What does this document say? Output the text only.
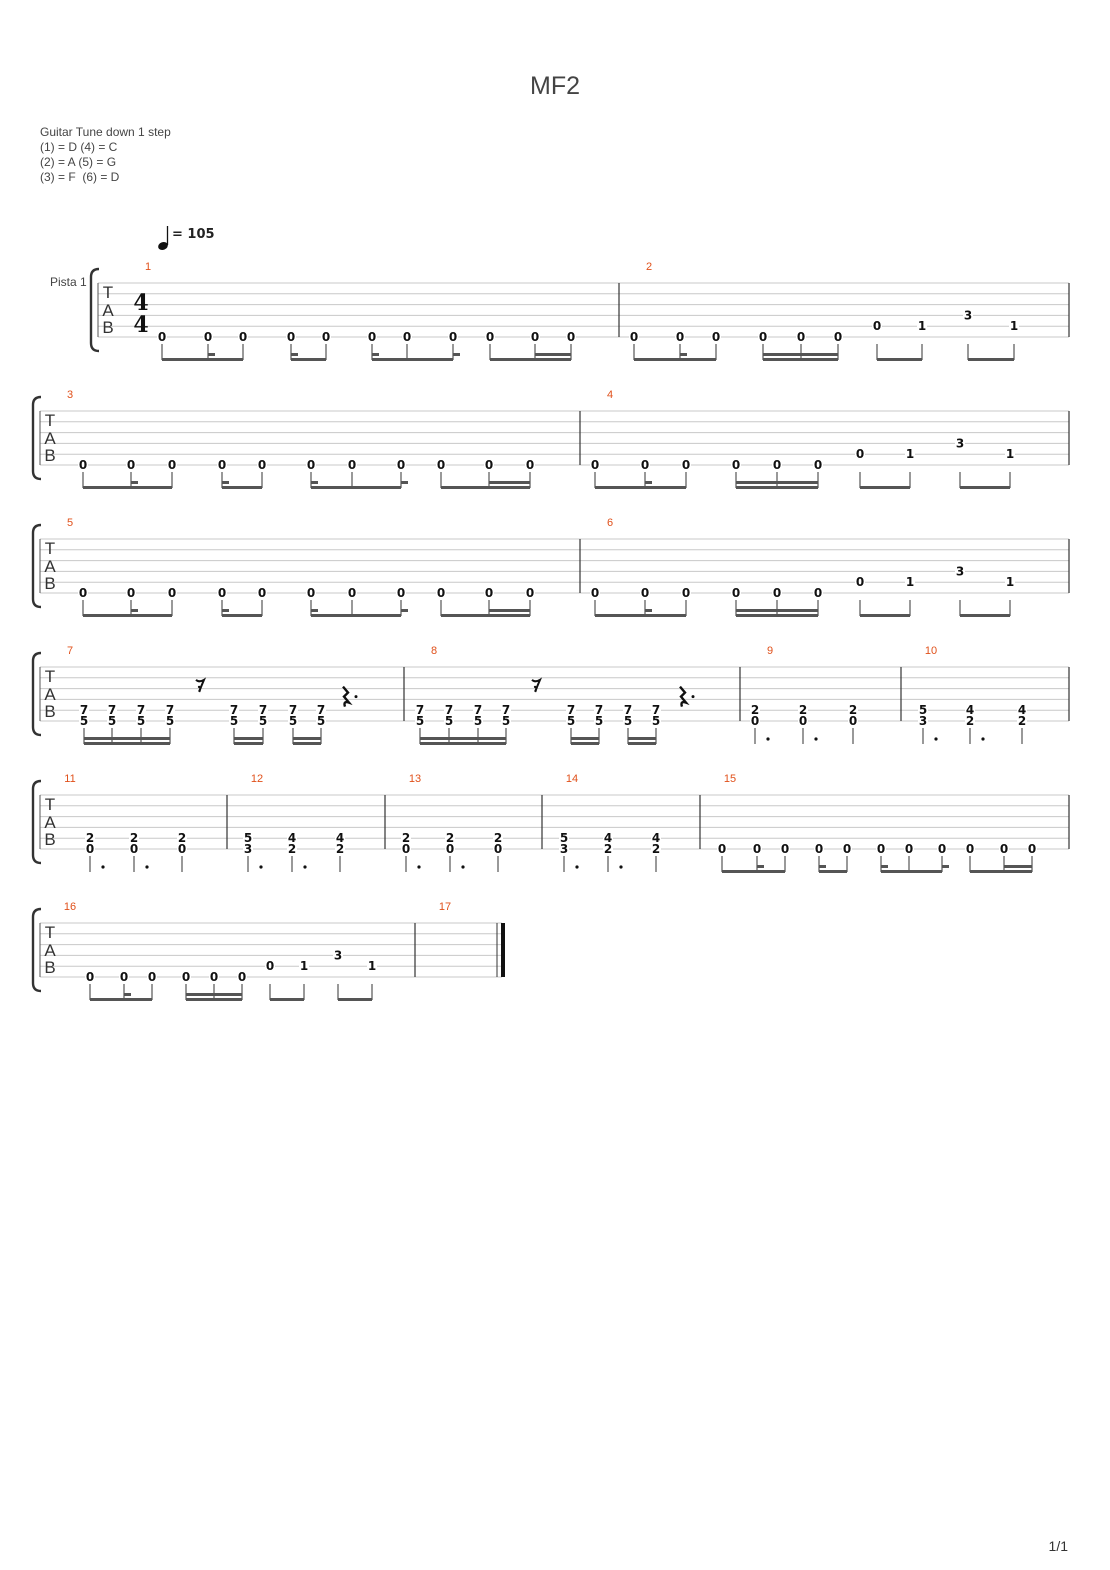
MF2
Guitar Tune down 1 step
(1) = D (4) = C
(2) = A (5) = G
(3) = F  (6) = D
= 105
T
A
B
Pista 1
4
4
1
0	0 0	0 0	0 0	0 0	0 0
2
0	0 0	0 0 0
0	1
3
1
T
A
B
3
0	0	0	0	0	0	0	0	0	0	0
4
0	0	0	0	0	0
0	1
3
1
T
A
B
5
0	0	0	0	0	0	0	0	0	0	0
6
0	0	0	0	0	0
0	1
3
1
T
A
B
7
7
5
7
5
7
5
7
5
𝄾
7
5
7
5
7
5
7
5
8
7
5
7
5
7
5
7
5
𝄾
7
5
7
5
7
5
7
5
9
2
0
2
0
2
0
10
5
3
4
2
4
2
T
A
B
11
2
0
2
0
2
0
12
5
3
4
2
4
2
13
2
0
2
0
2
0
14
5
3
4
2
4
2
15
0 0 0 0 0 0 0 0 0 0 0
T
A
B
16
0 0 0 0 0 0
0 1
3
1
17
1/1
